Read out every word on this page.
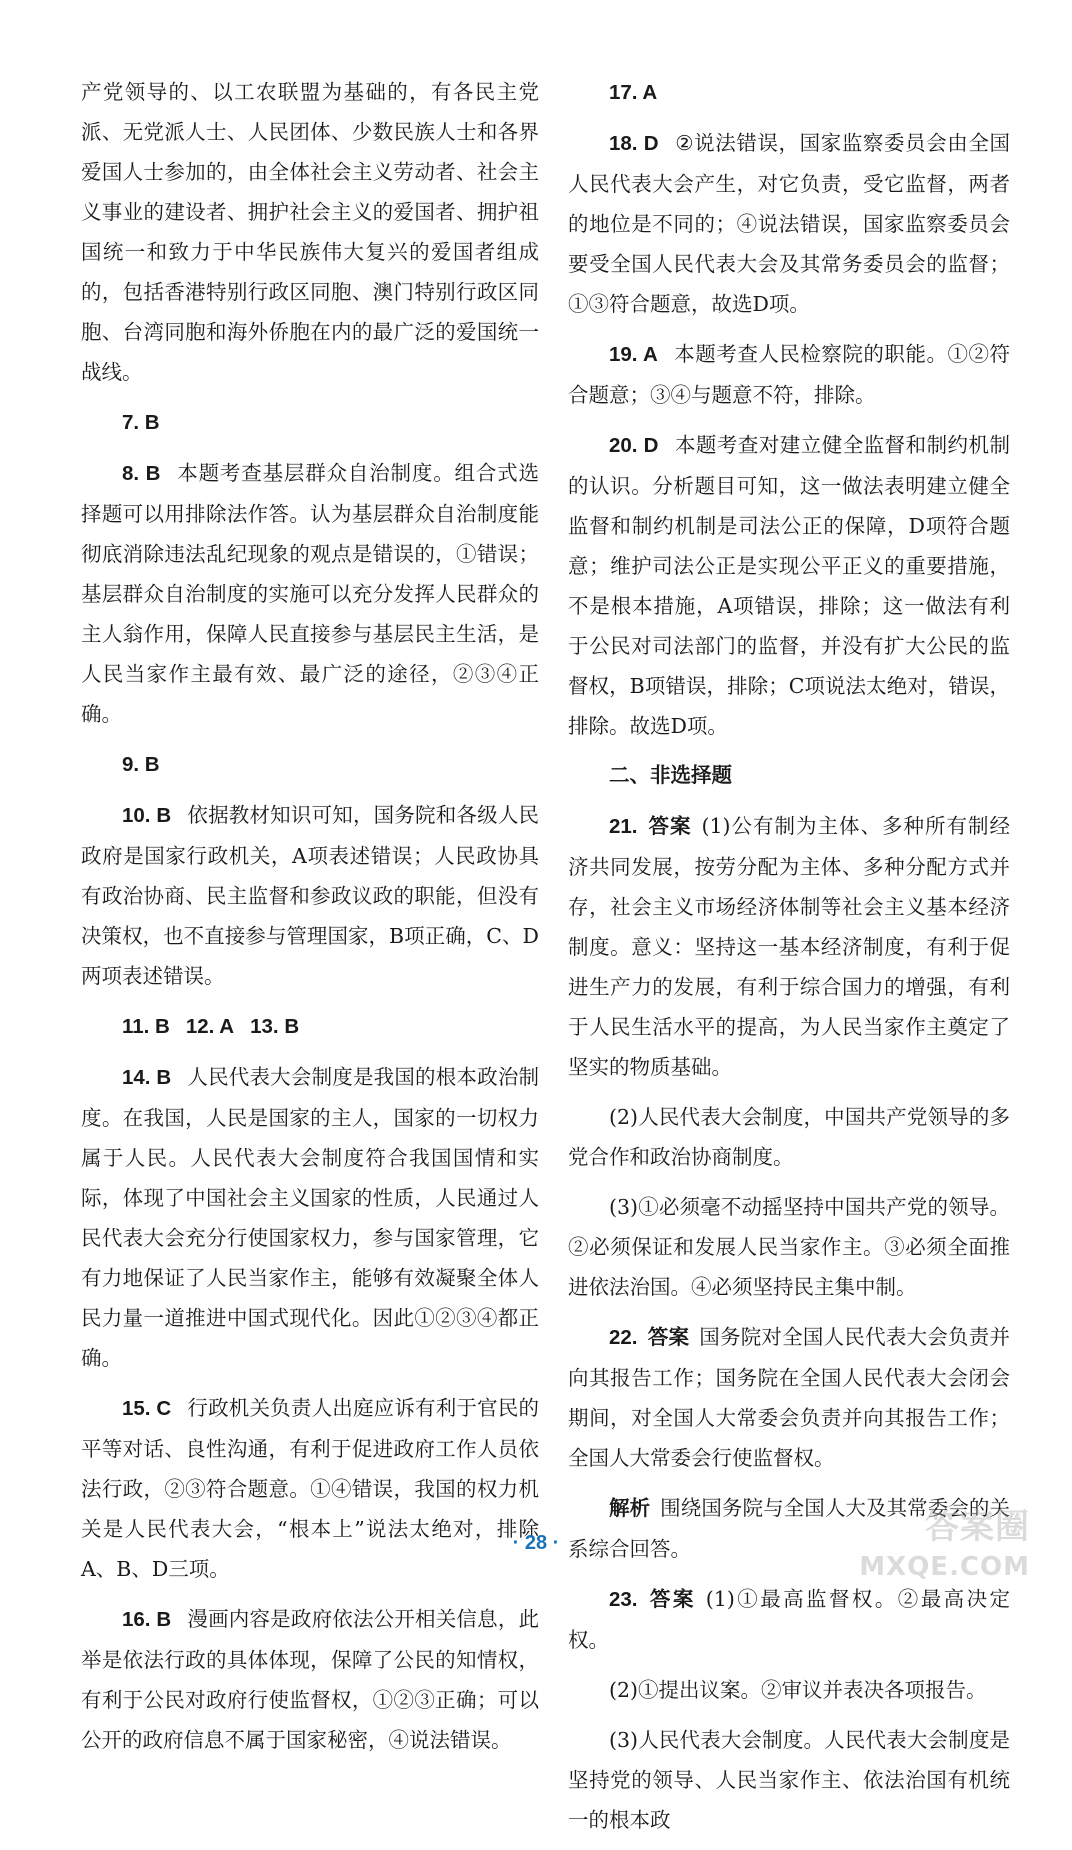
产党领导的、以工农联盟为基础的，有各民主党派、无党派人士、人民团体、少数民族人士和各界爱国人士参加的，由全体社会主义劳动者、社会主义事业的建设者、拥护社会主义的爱国者、拥护祖国统一和致力于中华民族伟大复兴的爱国者组成的，包括香港特别行政区同胞、澳门特别行政区同胞、台湾同胞和海外侨胞在内的最广泛的爱国统一战线。

7. B

8. B 本题考查基层群众自治制度。组合式选择题可以用排除法作答。认为基层群众自治制度能彻底消除违法乱纪现象的观点是错误的，①错误；基层群众自治制度的实施可以充分发挥人民群众的主人翁作用，保障人民直接参与基层民主生活，是人民当家作主最有效、最广泛的途径，②③④正确。

9. B

10. B 依据教材知识可知，国务院和各级人民政府是国家行政机关，A项表述错误；人民政协具有政治协商、民主监督和参政议政的职能，但没有决策权，也不直接参与管理国家，B项正确，C、D两项表述错误。

11. B 12. A 13. B

14. B 人民代表大会制度是我国的根本政治制度。在我国，人民是国家的主人，国家的一切权力属于人民。人民代表大会制度符合我国国情和实际，体现了中国社会主义国家的性质，人民通过人民代表大会充分行使国家权力，参与国家管理，它有力地保证了人民当家作主，能够有效凝聚全体人民力量一道推进中国式现代化。因此①②③④都正确。

15. C 行政机关负责人出庭应诉有利于官民的平等对话、良性沟通，有利于促进政府工作人员依法行政，②③符合题意。①④错误，我国的权力机关是人民代表大会，“根本上”说法太绝对，排除A、B、D三项。

16. B 漫画内容是政府依法公开相关信息，此举是依法行政的具体体现，保障了公民的知情权，有利于公民对政府行使监督权，①②③正确；可以公开的政府信息不属于国家秘密，④说法错误。

17. A

18. D ②说法错误，国家监察委员会由全国人民代表大会产生，对它负责，受它监督，两者的地位是不同的；④说法错误，国家监察委员会要受全国人民代表大会及其常务委员会的监督；①③符合题意，故选D项。

19. A 本题考查人民检察院的职能。①②符合题意；③④与题意不符，排除。

20. D 本题考查对建立健全监督和制约机制的认识。分析题目可知，这一做法表明建立健全监督和制约机制是司法公正的保障，D项符合题意；维护司法公正是实现公平正义的重要措施，不是根本措施，A项错误，排除；这一做法有利于公民对司法部门的监督，并没有扩大公民的监督权，B项错误，排除；C项说法太绝对，错误，排除。故选D项。

二、非选择题

21. 答案 (1)公有制为主体、多种所有制经济共同发展，按劳分配为主体、多种分配方式并存，社会主义市场经济体制等社会主义基本经济制度。意义：坚持这一基本经济制度，有利于促进生产力的发展，有利于综合国力的增强，有利于人民生活水平的提高，为人民当家作主奠定了坚实的物质基础。

(2)人民代表大会制度，中国共产党领导的多党合作和政治协商制度。

(3)①必须毫不动摇坚持中国共产党的领导。②必须保证和发展人民当家作主。③必须全面推进依法治国。④必须坚持民主集中制。

22. 答案 国务院对全国人民代表大会负责并向其报告工作；国务院在全国人民代表大会闭会期间，对全国人大常委会负责并向其报告工作；全国人大常委会行使监督权。

解析 围绕国务院与全国人大及其常委会的关系综合回答。

23. 答案 (1)①最高监督权。②最高决定权。

(2)①提出议案。②审议并表决各项报告。

(3)人民代表大会制度。人民代表大会制度是坚持党的领导、人民当家作主、依法治国有机统一的根本政

· 28 ·	答案圈
MXQE.COM
